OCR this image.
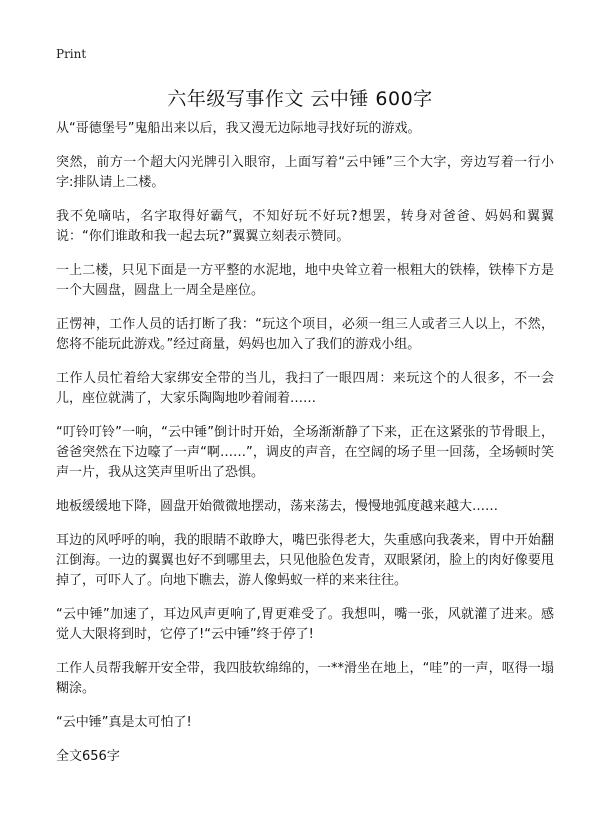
Print
六年级写事作文 云中锤 600字

从“哥德堡号”鬼船出来以后，我又漫无边际地寻找好玩的游戏。

突然，前方一个超大闪光牌引入眼帘，上面写着“云中锤”三个大字，旁边写着一行小字:排队请上二楼。

我不免嘀咕，名字取得好霸气，不知好玩不好玩?想罢，转身对爸爸、妈妈和翼翼说：“你们谁敢和我一起去玩?”翼翼立刻表示赞同。

一上二楼，只见下面是一方平整的水泥地，地中央耸立着一根粗大的铁棒，铁棒下方是一个大圆盘，圆盘上一周全是座位。

正愣神，工作人员的话打断了我：“玩这个项目，必须一组三人或者三人以上，不然，您将不能玩此游戏。”经过商量，妈妈也加入了我们的游戏小组。

工作人员忙着给大家绑安全带的当儿，我扫了一眼四周：来玩这个的人很多，不一会儿，座位就满了，大家乐陶陶地吵着闹着……

“叮铃叮铃”一响，“云中锤”倒计时开始，全场渐渐静了下来，正在这紧张的节骨眼上，爸爸突然在下边嚎了一声“啊……”，调皮的声音，在空阔的场子里一回荡，全场顿时笑声一片，我从这笑声里听出了恐惧。

地板缓缓地下降，圆盘开始微微地摆动，荡来荡去，慢慢地弧度越来越大……

耳边的风呼呼的响，我的眼睛不敢睁大，嘴巴张得老大，失重感向我袭来，胃中开始翻江倒海。一边的翼翼也好不到哪里去，只见他脸色发青，双眼紧闭，脸上的肉好像要甩掉了，可吓人了。向地下瞧去，游人像蚂蚁一样的来来往往。

“云中锤”加速了，耳边风声更响了,胃更难受了。我想叫，嘴一张，风就灌了进来。感觉人大限将到时，它停了!“云中锤”终于停了!

工作人员帮我解开安全带，我四肢软绵绵的，一**滑坐在地上，“哇”的一声，呕得一塌糊涂。

“云中锤”真是太可怕了!

全文656字
